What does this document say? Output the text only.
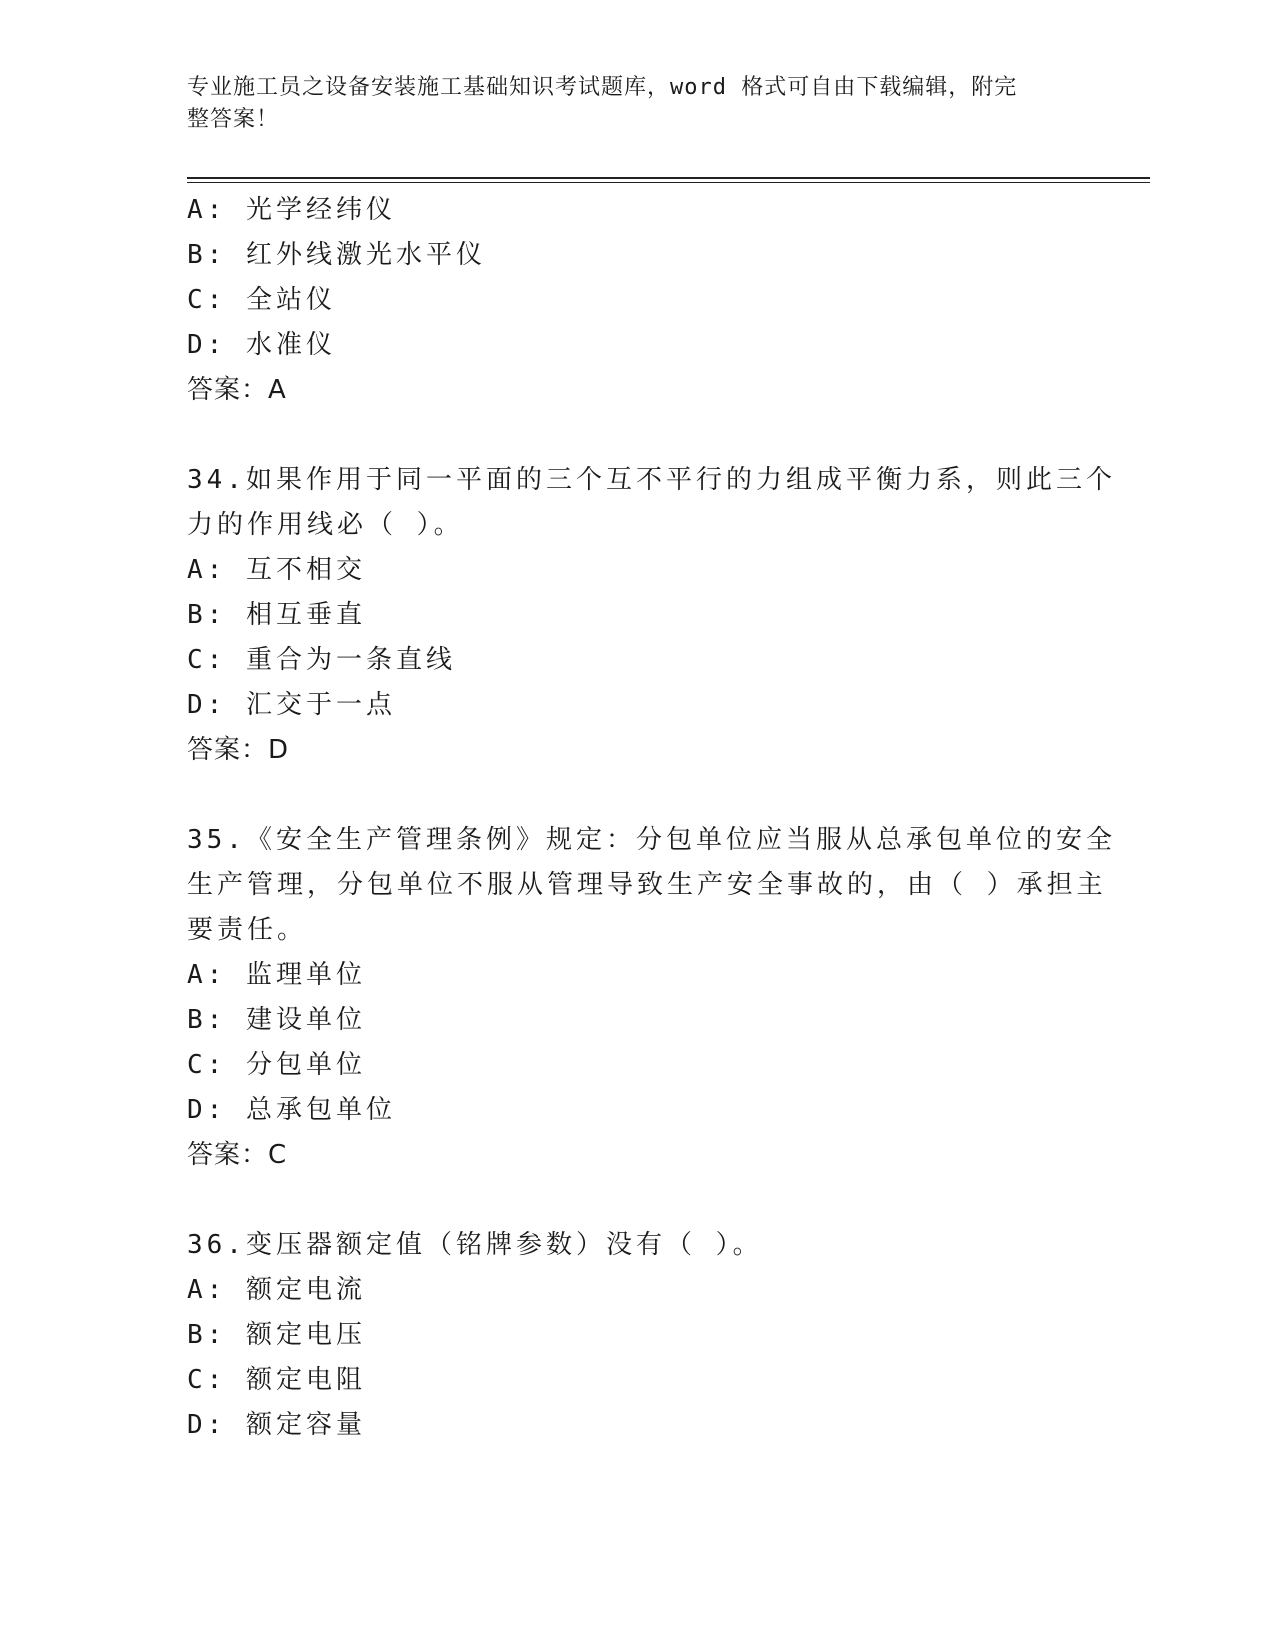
专业施工员之设备安装施工基础知识考试题库，word 格式可自由下载编辑，附完
整答案！
A: 光学经纬仪
B: 红外线激光水平仪
C: 全站仪
D: 水准仪
答案：A
34.如果作用于同一平面的三个互不平行的力组成平衡力系，则此三个
力的作用线必（ ）。
A: 互不相交
B: 相互垂直
C: 重合为一条直线
D: 汇交于一点
答案：D
35.《安全生产管理条例》规定：分包单位应当服从总承包单位的安全
生产管理，分包单位不服从管理导致生产安全事故的，由（ ）承担主
要责任。
A: 监理单位
B: 建设单位
C: 分包单位
D: 总承包单位
答案：C
36.变压器额定值（铭牌参数）没有（ ）。
A: 额定电流
B: 额定电压
C: 额定电阻
D: 额定容量
